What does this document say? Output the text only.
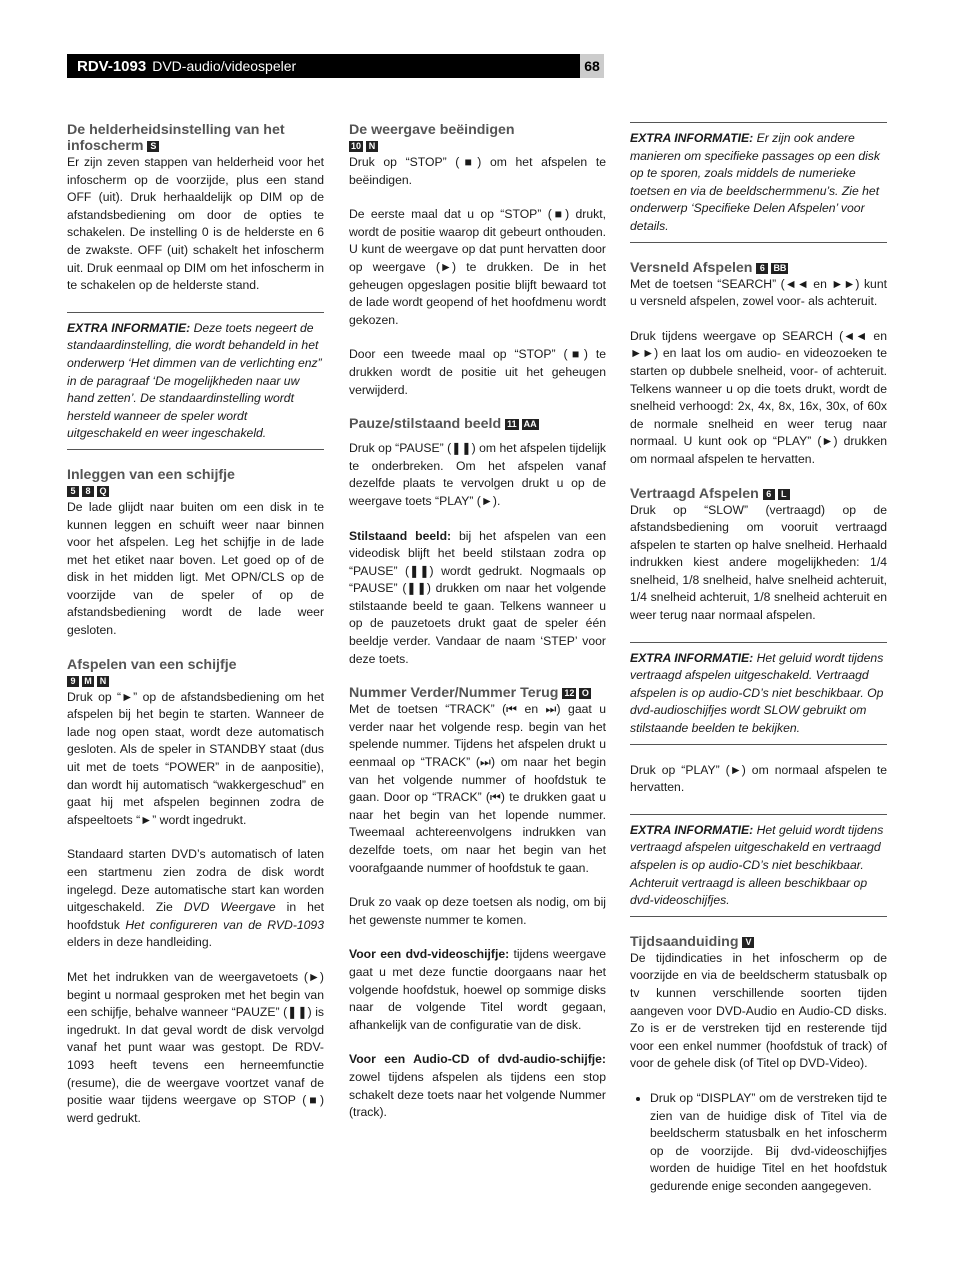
RDV-1093 DVD-audio/videospeler	68
De helderheidsinstelling van het infoscherm S

Er zijn zeven stappen van helderheid voor het infoscherm op de voorzijde, plus een stand OFF (uit). Druk herhaaldelijk op DIM op de afstandsbediening om door de opties te schakelen. De instelling 0 is de helderste en 6 de zwakste. OFF (uit) schakelt het infoscherm uit. Druk eenmaal op DIM om het infoscherm in te schakelen op de helderste stand.

EXTRA INFORMATIE: Deze toets negeert de standaardinstelling, die wordt behandeld in het onderwerp ‘Het dimmen van de verlichting enz” in de paragraaf ‘De mogelijkheden naar uw hand zetten’. De standaardinstelling wordt hersteld wanneer de speler wordt uitgeschakeld en weer ingeschakeld.
Inleggen van een schijfje
5 8 Q

De lade glijdt naar buiten om een disk in te kunnen leggen en schuift weer naar binnen voor het afspelen. Leg het schijfje in de lade met het etiket naar boven. Let goed op of de disk in het midden ligt. Met OPN/CLS op de voorzijde van de speler of op de afstandsbediening wordt de lade weer gesloten.

Afspelen van een schijfje
9 M N

Druk op “►” op de afstandsbediening om het afspelen bij het begin te starten. Wanneer de lade nog open staat, wordt deze automatisch gesloten. Als de speler in STANDBY staat (dus uit met de toets “POWER” in de aanpositie), dan wordt hij automatisch “wakkergeschud” en gaat hij met afspelen beginnen zodra de afspeeltoets “►” wordt ingedrukt.

Standaard starten DVD’s automatisch of laten een startmenu zien zodra de disk wordt ingelegd. Deze automatische start kan worden uitgeschakeld. Zie DVD Weergave in het hoofdstuk Het configureren van de RVD-1093 elders in deze handleiding.

Met het indrukken van de weergavetoets (►) begint u normaal gesproken met het begin van een schijfje, behalve wanneer “PAUZE” (❚❚) is ingedrukt. In dat geval wordt de disk vervolgd vanaf het punt waar was gestopt. De RDV-1093 heeft tevens een herneemfunctie (resume), die de weergave voortzet vanaf de positie waar tijdens weergave op STOP (■) werd gedrukt.

De weergave beëindigen
10 N

Druk op “STOP” (■) om het afspelen te beëindigen.

De eerste maal dat u op “STOP” (■) drukt, wordt de positie waarop dit gebeurt onthouden. U kunt de weergave op dat punt hervatten door op weergave (►) te drukken. De in het geheugen opgeslagen positie blijft bewaard tot de lade wordt geopend of het hoofdmenu wordt gekozen.

Door een tweede maal op “STOP” (■) te drukken wordt de positie uit het geheugen verwijderd.

Pauze/stilstaand beeld 11 AA

Druk op “PAUSE” (❚❚) om het afspelen tijdelijk te onderbreken. Om het afspelen vanaf dezelfde plaats te vervolgen drukt u op de weergave toets “PLAY” (►).

Stilstaand beeld: bij het afspelen van een videodisk blijft het beeld stilstaan zodra op “PAUSE” (❚❚) wordt gedrukt. Nogmaals op “PAUSE” (❚❚) drukken om naar het volgende stilstaande beeld te gaan. Telkens wanneer u op de pauzetoets drukt gaat de speler één beeldje verder. Vandaar de naam ‘STEP’ voor deze toets.

Nummer Verder/Nummer Terug 12 O

Met de toetsen “TRACK” (⏮ en ⏭) gaat u verder naar het volgende resp. begin van het spelende nummer. Tijdens het afspelen drukt u eenmaal op “TRACK” (⏭) om naar het begin van het volgende nummer of hoofdstuk te gaan. Door op “TRACK” (⏮) te drukken gaat u naar het begin van het lopende nummer. Tweemaal achtereenvolgens indrukken van dezelfde toets, om naar het begin van het voorafgaande nummer of hoofdstuk te gaan.

Druk zo vaak op deze toetsen als nodig, om bij het gewenste nummer te komen.

Voor een dvd-videoschijfje: tijdens weergave gaat u met deze functie doorgaans naar het volgende hoofdstuk, hoewel op sommige disks naar de volgende Titel wordt gegaan, afhankelijk van de configuratie van de disk.

Voor een Audio-CD of dvd-audio-schijfje: zowel tijdens afspelen als tijdens een stop schakelt deze toets naar het volgende Nummer (track).

EXTRA INFORMATIE: Er zijn ook andere manieren om specifieke passages op een disk op te sporen, zoals middels de numerieke toetsen en via de beeldschermmenu’s. Zie het onderwerp ‘Specifieke Delen Afspelen’ voor details.
Versneld Afspelen 6 BB

Met de toetsen “SEARCH” (◄◄ en ►►) kunt u versneld afspelen, zowel voor- als achteruit.

Druk tijdens weergave op SEARCH (◄◄ en ►►) en laat los om audio- en videozoeken te starten op dubbele snelheid, voor- of achteruit. Telkens wanneer u op die toets drukt, wordt de snelheid verhoogd: 2x, 4x, 8x, 16x, 30x, of 60x de normale snelheid en weer terug naar normaal. U kunt ook op “PLAY” (►) drukken om normaal afspelen te hervatten.

Vertraagd Afspelen 6 L

Druk op “SLOW” (vertraagd) op de afstandsbediening om vooruit vertraagd afspelen te starten op halve snelheid. Herhaald indrukken kiest andere mogelijkheden: 1/4 snelheid, 1/8 snelheid, halve snelheid achteruit, 1/4 snelheid achteruit, 1/8 snelheid achteruit en weer terug naar normaal afspelen.

EXTRA INFORMATIE: Het geluid wordt tijdens vertraagd afspelen uitgeschakeld. Vertraagd afspelen is op audio-CD’s niet beschikbaar. Op dvd-audioschijfjes wordt SLOW gebruikt om stilstaande beelden te bekijken.

Druk op “PLAY” (►) om normaal afspelen te hervatten.

EXTRA INFORMATIE: Het geluid wordt tijdens vertraagd afspelen uitgeschakeld en vertraagd afspelen is op audio-CD’s niet beschikbaar. Achteruit vertraagd is alleen beschikbaar op dvd-videoschijfjes.
Tijdsaanduiding V

De tijdindicaties in het infoscherm op de voorzijde en via de beeldscherm statusbalk op tv kunnen verschillende soorten tijden aangeven voor DVD-Audio en Audio-CD disks. Zo is er de verstreken tijd en resterende tijd voor een enkel nummer (hoofdstuk of track) of voor de gehele disk (of Titel op DVD-Video).

• Druk op “DISPLAY” om de verstreken tijd te zien van de huidige disk of Titel via de beeldscherm statusbalk en het infoscherm op de voorzijde. Bij dvd-videoschijfjes worden de huidige Titel en het hoofdstuk gedurende enige seconden aangegeven.
